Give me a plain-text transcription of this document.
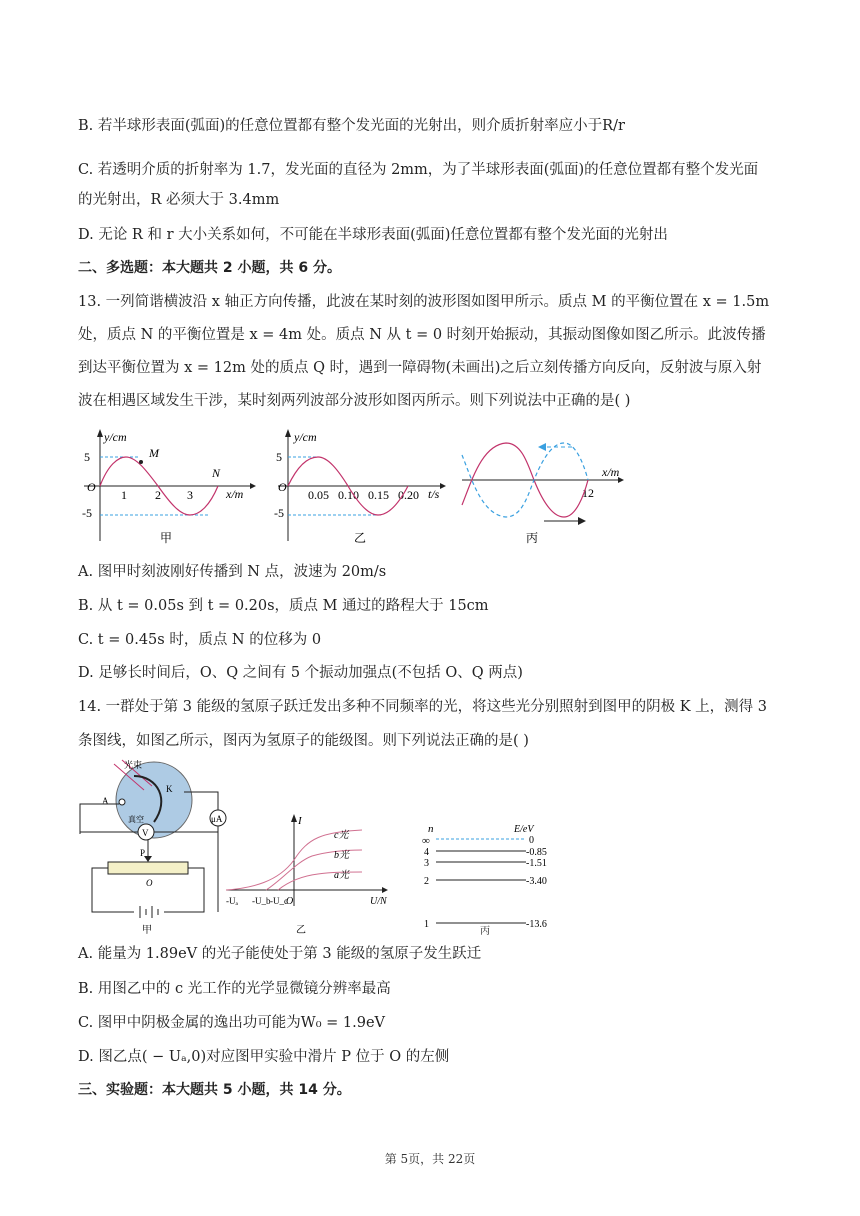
B. 若半球形表面(弧面)的任意位置都有整个发光面的光射出，则介质折射率应小于R/r
C. 若透明介质的折射率为 1.7，发光面的直径为 2mm，为了半球形表面(弧面)的任意位置都有整个发光面
的光射出，R 必须大于 3.4mm
D. 无论 R 和 r 大小关系如何，不可能在半球形表面(弧面)任意位置都有整个发光面的光射出
二、多选题：本大题共 2 小题，共 6 分。
13. 一列简谐横波沿 x 轴正方向传播，此波在某时刻的波形图如图甲所示。质点 M 的平衡位置在 x = 1.5m
处，质点 N 的平衡位置是 x = 4m 处。质点 N 从 t = 0 时刻开始振动，其振动图像如图乙所示。此波传播
到达平衡位置为 x = 12m 处的质点 Q 时，遇到一障碍物(未画出)之后立刻传播方向反向，反射波与原入射
波在相遇区域发生干涉，某时刻两列波部分波形如图丙所示。则下列说法中正确的是( )
y/cm
x/m
5
-5
O
1 2 3
M
N
甲
y/cm
t/s
5
-5
O
0.05 0.10 0.15 0.20
乙
x/m
12
丙
A. 图甲时刻波刚好传播到 N 点，波速为 20m/s
B. 从 t = 0.05s 到 t = 0.20s，质点 M 通过的路程大于 15cm
C. t = 0.45s 时，质点 N 的位移为 0
D. 足够长时间后，O、Q 之间有 5 个振动加强点(不包括 O、Q 两点)
14. 一群处于第 3 能级的氢原子跃迁发出多种不同频率的光，将这些光分别照射到图甲的阴极 K 上，测得 3
条图线，如图乙所示，图丙为氢原子的能级图。则下列说法正确的是( )
光束
A
K
真空	μA
V
P
O
甲
I
U/N
c光
b光
a光
-Uₐ -U_b -U_c
O
乙
n	E/eV
∞	0
4	-0.85
3	-1.51
2	-3.40
1	-13.6
丙
A. 能量为 1.89eV 的光子能使处于第 3 能级的氢原子发生跃迁
B. 用图乙中的 c 光工作的光学显微镜分辨率最高
C. 图甲中阴极金属的逸出功可能为W₀ = 1.9eV
D. 图乙点( − Uₐ,0)对应图甲实验中滑片 P 位于 O 的左侧
三、实验题：本大题共 5 小题，共 14 分。
第 5页，共 22页
